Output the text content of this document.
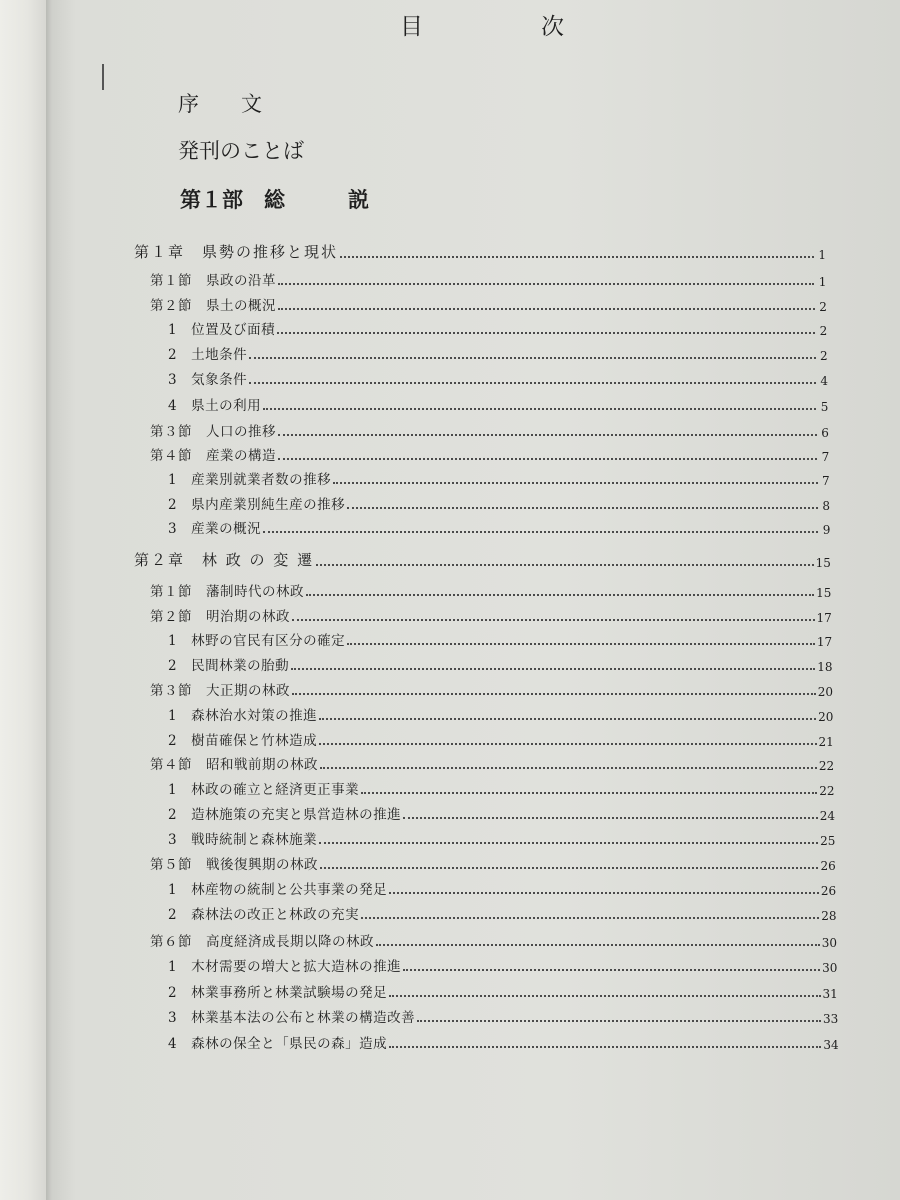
目	次
序　　文
発刊のことば
第１部　総　　　説
第１章　県勢の推移と現状	1
第１節　県政の沿革	1
第２節　県土の概況	2
1　位置及び面積	2
2　土地条件	2
3　気象条件	4
4　県土の利用	5
第３節　人口の推移	6
第４節　産業の構造	7
1　産業別就業者数の推移	7
2　県内産業別純生産の推移	8
3　産業の概況	9
第２章　林 政 の 変 遷	15
第１節　藩制時代の林政	15
第２節　明治期の林政	17
1　林野の官民有区分の確定	17
2　民間林業の胎動	18
第３節　大正期の林政	20
1　森林治水対策の推進	20
2　樹苗確保と竹林造成	21
第４節　昭和戦前期の林政	22
1　林政の確立と経済更正事業	22
2　造林施策の充実と県営造林の推進	24
3　戦時統制と森林施業	25
第５節　戦後復興期の林政	26
1　林産物の統制と公共事業の発足	26
2　森林法の改正と林政の充実	28
第６節　高度経済成長期以降の林政	30
1　木材需要の増大と拡大造林の推進	30
2　林業事務所と林業試験場の発足	31
3　林業基本法の公布と林業の構造改善	33
4　森林の保全と「県民の森」造成	34
